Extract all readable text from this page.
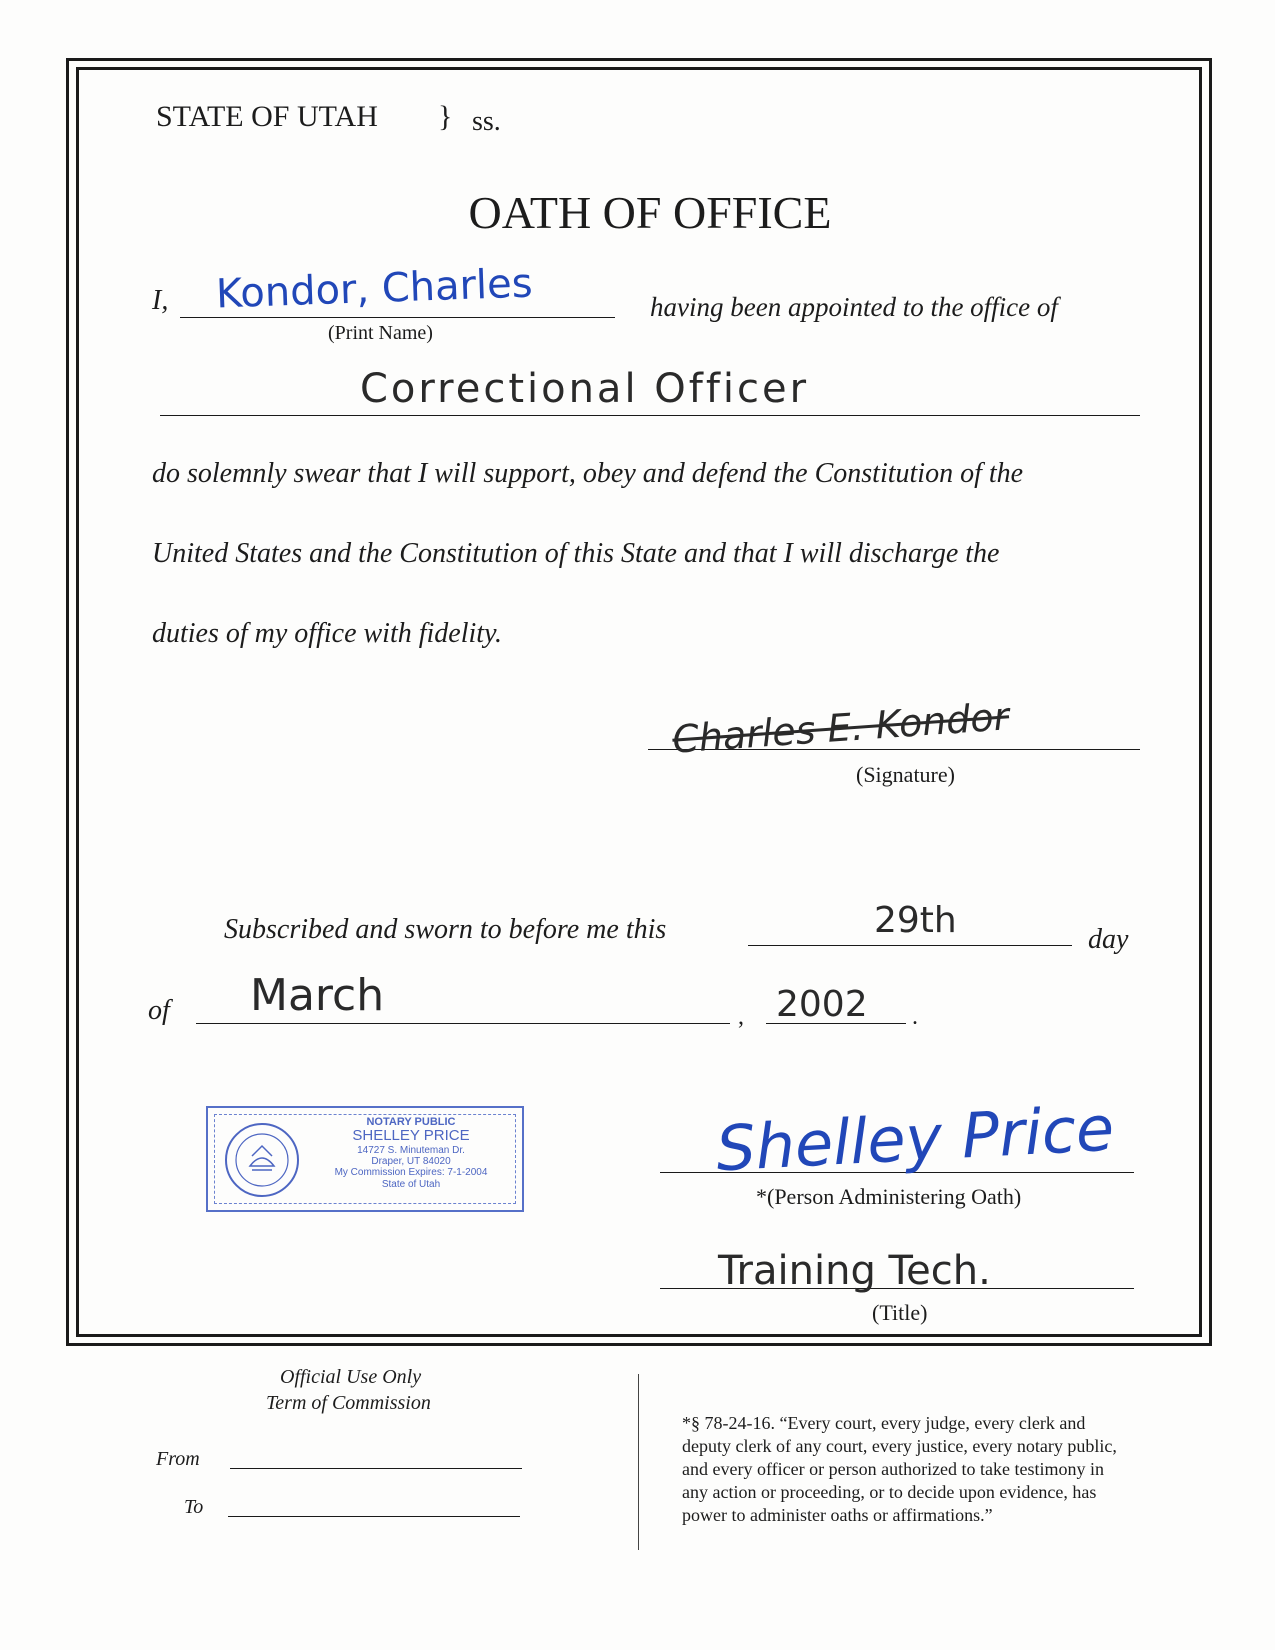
STATE OF UTAH } ss.
OATH OF OFFICE
I, Kondor, Charles
(Print Name)
having been appointed to the office of
Correctional Officer
do solemnly swear that I will support, obey and defend the Constitution of the
United States and the Constitution of this State and that I will discharge the
duties of my office with fidelity.
Charles E. Kondor
(Signature)
Subscribed and sworn to before me this	29th	day
of March	, 2002 .
Shelley Price
*(Person Administering Oath)
Training Tech.
(Title)
NOTARY PUBLIC
SHELLEY PRICE
14727 S. Minuteman Dr.
Draper, UT 84020
My Commission Expires: 7-1-2004
State of Utah
Official Use Only
Term of Commission
From
To
*§ 78-24-16. “Every court, every judge, every clerk and
deputy clerk of any court, every justice, every notary public,
and every officer or person authorized to take testimony in
any action or proceeding, or to decide upon evidence, has
power to administer oaths or affirmations.”
